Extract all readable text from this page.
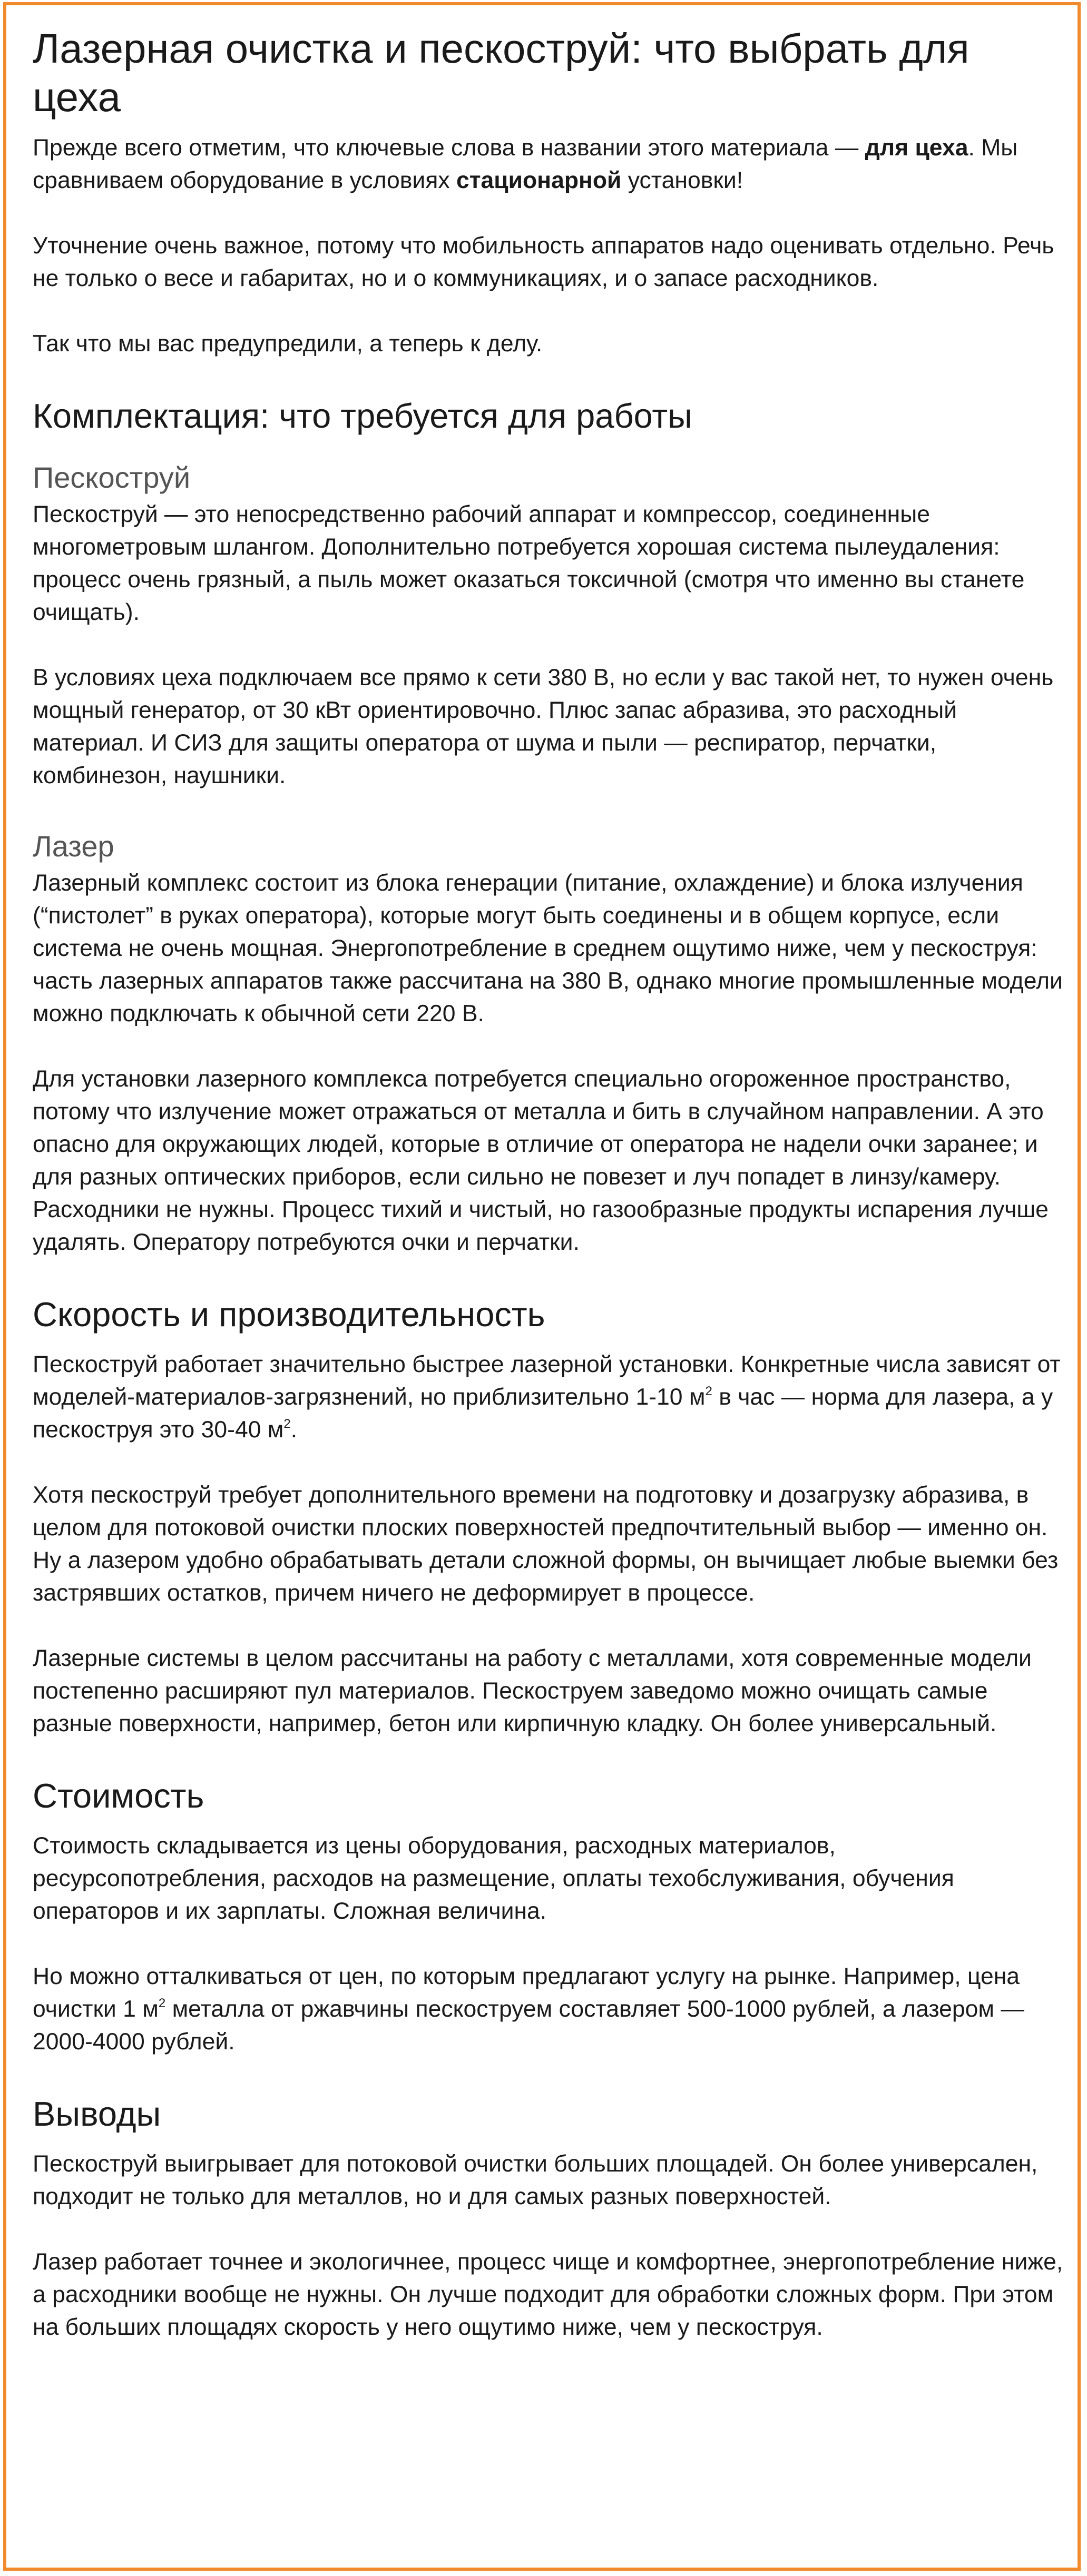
Лазерная очистка и пескоструй: что выбрать для цеха

Прежде всего отметим, что ключевые слова в названии этого материала — для цеха. Мы сравниваем оборудование в условиях стационарной установки!

Уточнение очень важное, потому что мобильность аппаратов надо оценивать отдельно. Речь не только о весе и габаритах, но и о коммуникациях, и о запасе расходников.

Так что мы вас предупредили, а теперь к делу.

Комплектация: что требуется для работы
Пескоструй

Пескоструй — это непосредственно рабочий аппарат и компрессор, соединенные многометровым шлангом. Дополнительно потребуется хорошая система пылеудаления: процесс очень грязный, а пыль может оказаться токсичной (смотря что именно вы станете очищать).

В условиях цеха подключаем все прямо к сети 380 В, но если у вас такой нет, то нужен очень мощный генератор, от 30 кВт ориентировочно. Плюс запас абразива, это расходный материал. И СИЗ для защиты оператора от шума и пыли — респиратор, перчатки, комбинезон, наушники.

Лазер

Лазерный комплекс состоит из блока генерации (питание, охлаждение) и блока излучения (“пистолет” в руках оператора), которые могут быть соединены и в общем корпусе, если система не очень мощная. Энергопотребление в среднем ощутимо ниже, чем у пескоструя: часть лазерных аппаратов также рассчитана на 380 В, однако многие промышленные модели можно подключать к обычной сети 220 В.

Для установки лазерного комплекса потребуется специально огороженное пространство, потому что излучение может отражаться от металла и бить в случайном направлении. А это опасно для окружающих людей, которые в отличие от оператора не надели очки заранее; и для разных оптических приборов, если сильно не повезет и луч попадет в линзу/камеру. Расходники не нужны. Процесс тихий и чистый, но газообразные продукты испарения лучше удалять. Оператору потребуются очки и перчатки.

Скорость и производительность

Пескоструй работает значительно быстрее лазерной установки. Конкретные числа зависят от моделей-материалов-загрязнений, но приблизительно 1-10 $м^2$ в час — норма для лазера, а у пескоструя это 30-40 $м^2$.

Хотя пескоструй требует дополнительного времени на подготовку и дозагрузку абразива, в целом для потоковой очистки плоских поверхностей предпочтительный выбор — именно он. Ну а лазером удобно обрабатывать детали сложной формы, он вычищает любые выемки без застрявших остатков, причем ничего не деформирует в процессе.

Лазерные системы в целом рассчитаны на работу с металлами, хотя современные модели постепенно расширяют пул материалов. Пескоструем заведомо можно очищать самые разные поверхности, например, бетон или кирпичную кладку. Он более универсальный.

Стоимость

Стоимость складывается из цены оборудования, расходных материалов, ресурсопотребления, расходов на размещение, оплаты техобслуживания, обучения операторов и их зарплаты. Сложная величина.

Но можно отталкиваться от цен, по которым предлагают услугу на рынке. Например, цена очистки 1 $м^2$ металла от ржавчины пескоструем составляет 500-1000 рублей, а лазером — 2000-4000 рублей.

Выводы

Пескоструй выигрывает для потоковой очистки больших площадей. Он более универсален, подходит не только для металлов, но и для самых разных поверхностей.

Лазер работает точнее и экологичнее, процесс чище и комфортнее, энергопотребление ниже, а расходники вообще не нужны. Он лучше подходит для обработки сложных форм. При этом на больших площадях скорость у него ощутимо ниже, чем у пескоструя.
